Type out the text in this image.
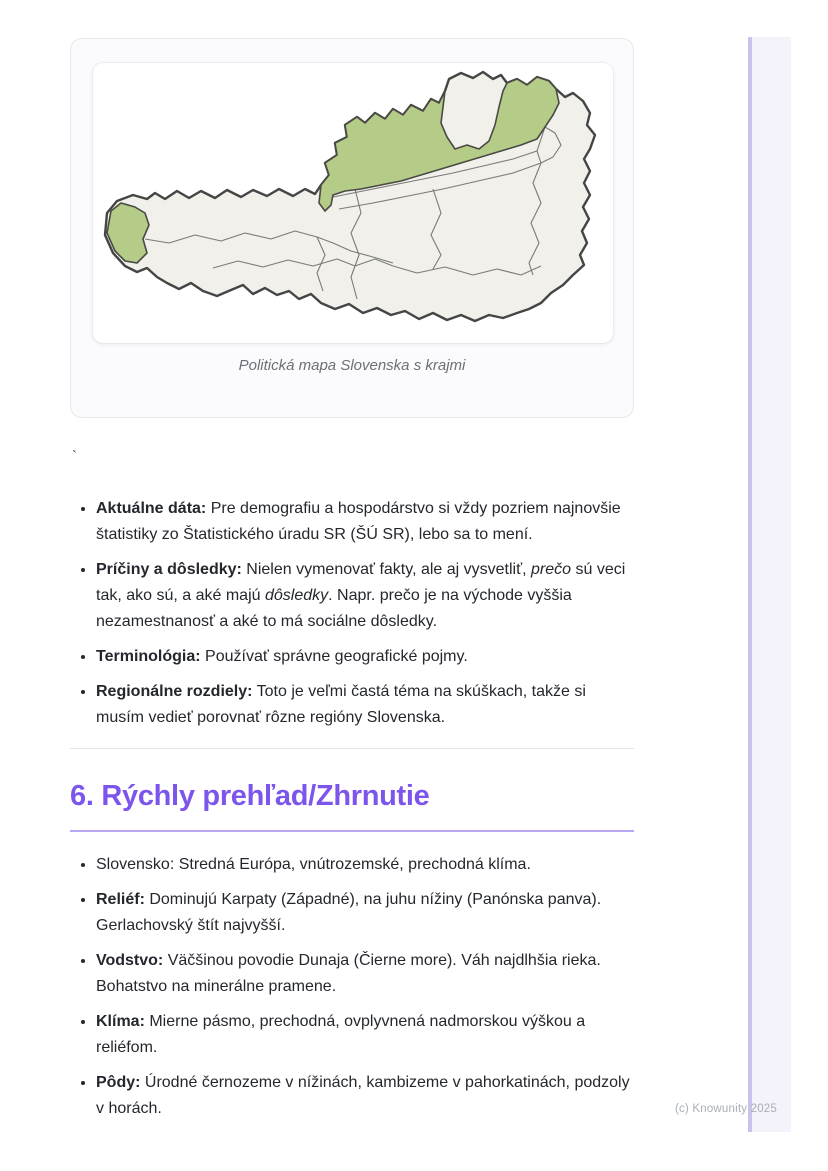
Politická mapa Slovenska s krajmi
`
• Aktuálne dáta: Pre demografiu a hospodárstvo si vždy pozriem najnovšie štatistiky zo Štatistického úradu SR (ŠÚ SR), lebo sa to mení.
• Príčiny a dôsledky: Nielen vymenovať fakty, ale aj vysvetliť, prečo sú veci tak, ako sú, a aké majú dôsledky. Napr. prečo je na východe vyššia nezamestnanosť a aké to má sociálne dôsledky.
• Terminológia: Používať správne geografické pojmy.
• Regionálne rozdiely: Toto je veľmi častá téma na skúškach, takže si musím vedieť porovnať rôzne regióny Slovenska.
6. Rýchly prehľad/Zhrnutie
• Slovensko: Stredná Európa, vnútrozemské, prechodná klíma.
• Reliéf: Dominujú Karpaty (Západné), na juhu nížiny (Panónska panva). Gerlachovský štít najvyšší.
• Vodstvo: Väčšinou povodie Dunaja (Čierne more). Váh najdlhšia rieka. Bohatstvo na minerálne pramene.
• Klíma: Mierne pásmo, prechodná, ovplyvnená nadmorskou výškou a reliéfom.
• Pôdy: Úrodné černozeme v nížinách, kambizeme v pahorkatinách, podzoly v horách.	(c) Knowunity 2025
